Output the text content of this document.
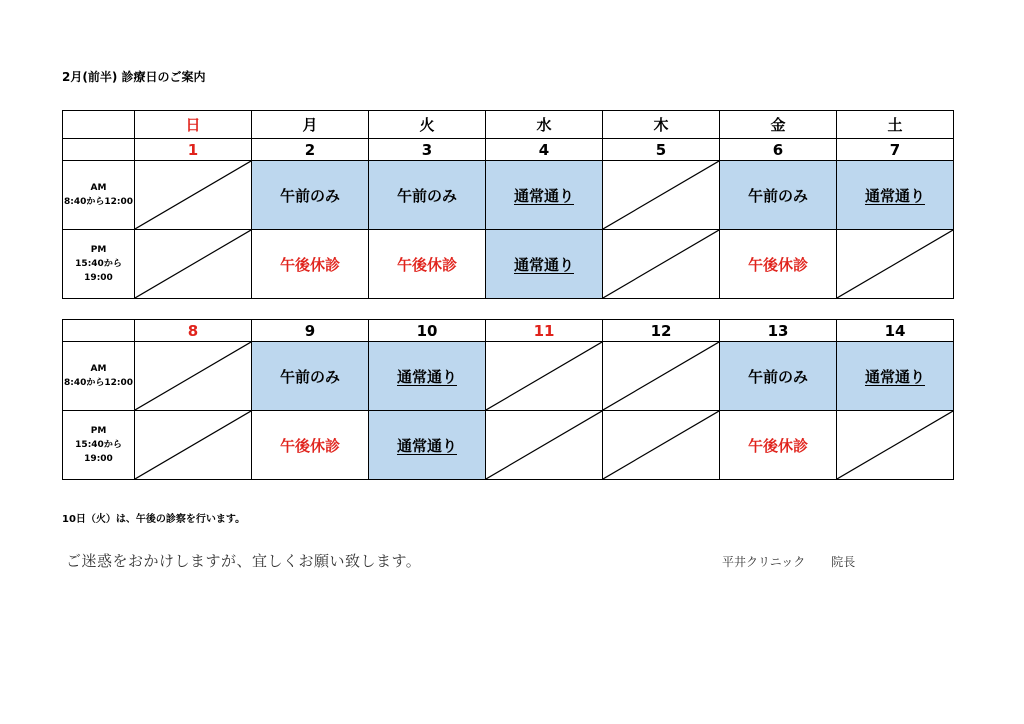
2月(前半) 診療日のご案内
	日	月	火	水	木	金	土
	1	2	3	4	5	6	7

AM
8:40から12:00		午前のみ	午前のみ	通常通り		午前のみ	通常通り

PM
15:40から19:00		午後休診	午後休診	通常通り		午後休診	
	8	9	10	11	12	13	14

AM
8:40から12:00		午前のみ	通常通り			午前のみ	通常通り

PM
15:40から19:00		午後休診	通常通り			午後休診	
10日（火）は、午後の診察を行います。
ご迷惑をおかけしますが、宜しくお願い致します。	平井クリニック 院長
